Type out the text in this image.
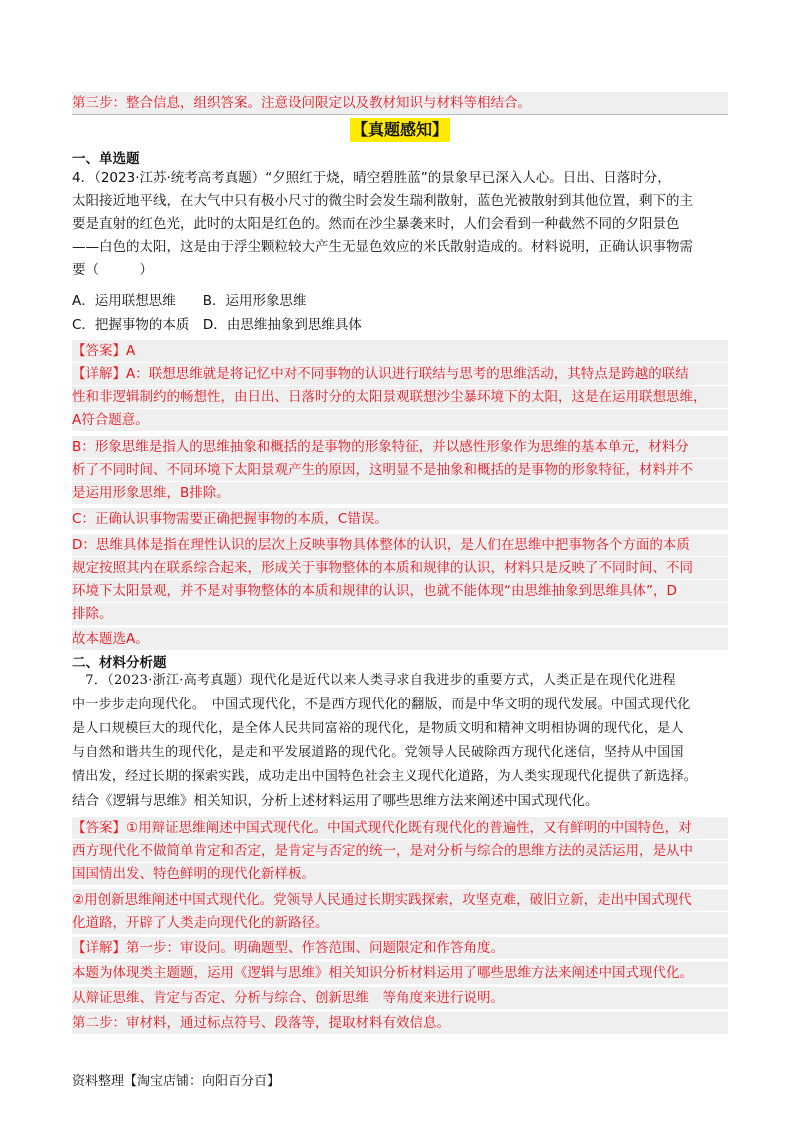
第三步：整合信息，组织答案。注意设问限定以及教材知识与材料等相结合。
【真题感知】
一、单选题
4．（2023·江苏·统考高考真题）“夕照红于烧，晴空碧胜蓝”的景象早已深入人心。日出、日落时分，
太阳接近地平线，在大气中只有极小尺寸的微尘时会发生瑞利散射，蓝色光被散射到其他位置，剩下的主
要是直射的红色光，此时的太阳是红色的。然而在沙尘暴袭来时，人们会看到一种截然不同的夕阳景色
——白色的太阳，这是由于浮尘颗粒较大产生无显色效应的米氏散射造成的。材料说明，正确认识事物需
要（　　　）
A．运用联想思维　　B．运用形象思维
C．把握事物的本质　D．由思维抽象到思维具体
【答案】A
【详解】A：联想思维就是将记忆中对不同事物的认识进行联结与思考的思维活动，其特点是跨越的联结
性和非逻辑制约的畅想性，由日出、日落时分的太阳景观联想沙尘暴环境下的太阳，这是在运用联想思维，
A符合题意。
B：形象思维是指人的思维抽象和概括的是事物的形象特征，并以感性形象作为思维的基本单元，材料分
析了不同时间、不同环境下太阳景观产生的原因，这明显不是抽象和概括的是事物的形象特征，材料并不
是运用形象思维，B排除。
C：正确认识事物需要正确把握事物的本质，C错误。
D：思维具体是指在理性认识的层次上反映事物具体整体的认识，是人们在思维中把事物各个方面的本质
规定按照其内在联系综合起来，形成关于事物整体的本质和规律的认识，材料只是反映了不同时间、不同
环境下太阳景观，并不是对事物整体的本质和规律的认识，也就不能体现“由思维抽象到思维具体”，D
排除。
故本题选A。
二、材料分析题
　7．（2023·浙江·高考真题）现代化是近代以来人类寻求自我进步的重要方式，人类正是在现代化进程
中一步步走向现代化。　中国式现代化，不是西方现代化的翻版，而是中华文明的现代发展。中国式现代化
是人口规模巨大的现代化，是全体人民共同富裕的现代化，是物质文明和精神文明相协调的现代化，是人
与自然和谐共生的现代化，是走和平发展道路的现代化。党领导人民破除西方现代化迷信，坚持从中国国
情出发，经过长期的探索实践，成功走出中国特色社会主义现代化道路，为人类实现现代化提供了新选择。
结合《逻辑与思维》相关知识，分析上述材料运用了哪些思维方法来阐述中国式现代化。
【答案】①用辩证思维阐述中国式现代化。中国式现代化既有现代化的普遍性，又有鲜明的中国特色，对
西方现代化不做简单肯定和否定，是肯定与否定的统一，是对分析与综合的思维方法的灵活运用，是从中
国国情出发、特色鲜明的现代化新样板。
②用创新思维阐述中国式现代化。党领导人民通过长期实践探索，攻坚克难，破旧立新，走出中国式现代
化道路，开辟了人类走向现代化的新路径。
【详解】第一步：审设问。明确题型、作答范围、问题限定和作答角度。
本题为体现类主题题，运用《逻辑与思维》相关知识分析材料运用了哪些思维方法来阐述中国式现代化。
从辩证思维、肯定与否定、分析与综合、创新思维　等角度来进行说明。
第二步：审材料，通过标点符号、段落等，提取材料有效信息。
资料整理【淘宝店铺：向阳百分百】
